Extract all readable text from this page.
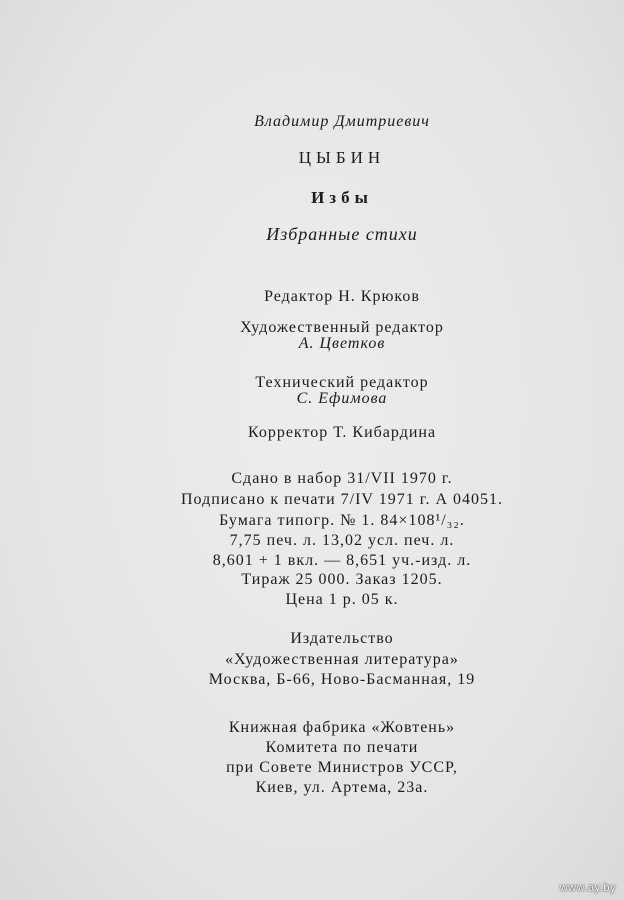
Владимир Дмитриевич
ЦЫБИН
Избы
Избранные стихи
Редактор Н. Крюков
Художественный редактор
А. Цветков
Технический редактор
С. Ефимова
Корректор Т. Кибардина
Сдано в набор 31/VII 1970 г.
Подписано к печати 7/IV 1971 г. А 04051.
Бумага типогр. № 1. 84×108¹/₃₂.
7,75 печ. л. 13,02 усл. печ. л.
8,601 + 1 вкл. — 8,651 уч.-изд. л.
Тираж 25 000. Заказ 1205.
Цена 1 р. 05 к.
Издательство
«Художественная литература»
Москва, Б-66, Ново-Басманная, 19
Книжная фабрика «Жовтень»
Комитета по печати
при Совете Министров УССР,
Киев, ул. Артема, 23а.
www.ay.by
